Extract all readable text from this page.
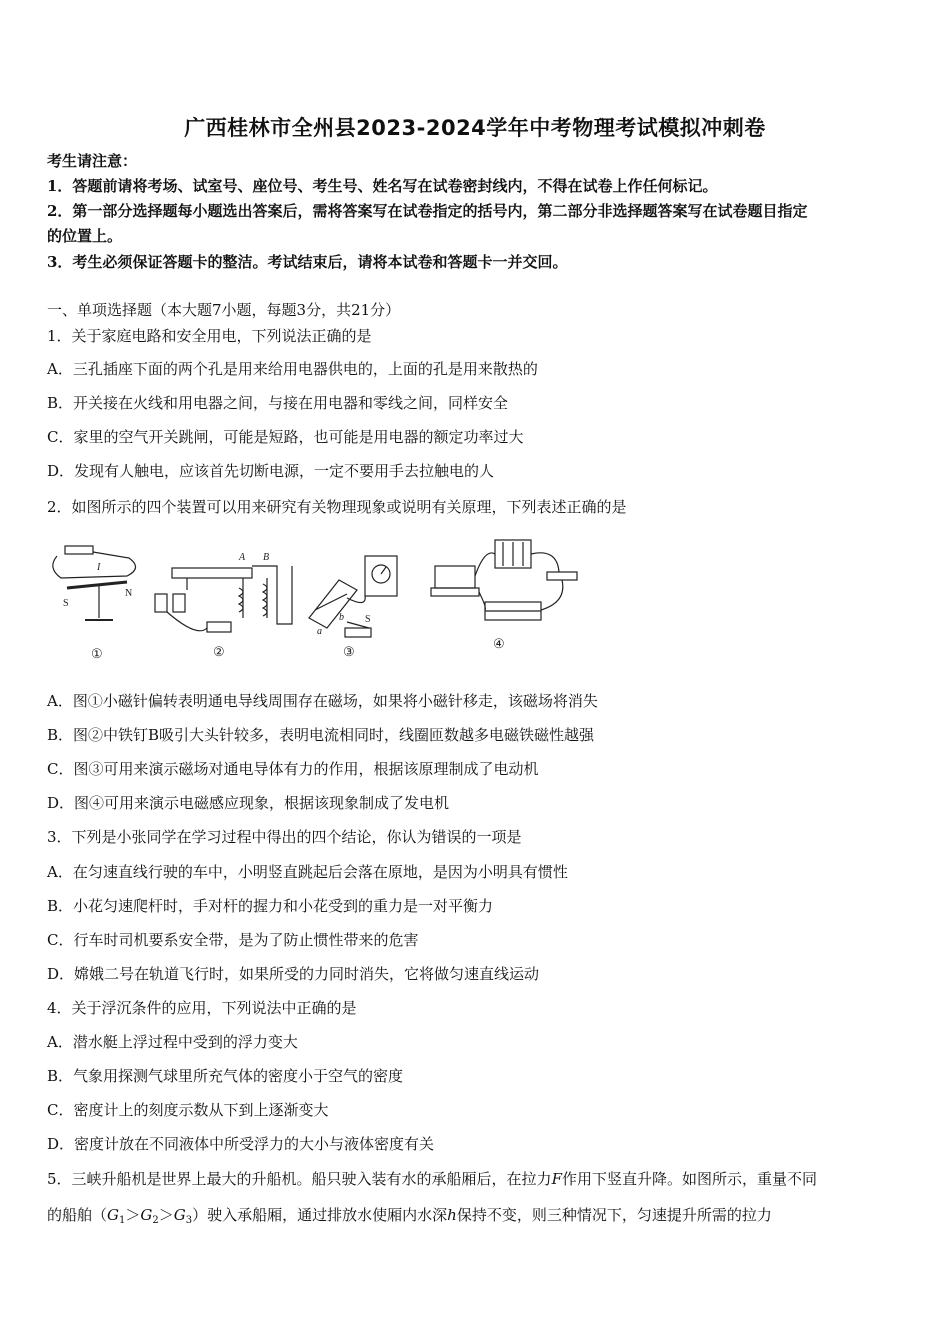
广西桂林市全州县2023-2024学年中考物理考试模拟冲刺卷
考生请注意：
1．答题前请将考场、试室号、座位号、考生号、姓名写在试卷密封线内，不得在试卷上作任何标记。
2．第一部分选择题每小题选出答案后，需将答案写在试卷指定的括号内，第二部分非选择题答案写在试卷题目指定
的位置上。
3．考生必须保证答题卡的整洁。考试结束后，请将本试卷和答题卡一并交回。
一、单项选择题（本大题7小题，每题3分，共21分）
1．关于家庭电路和安全用电，下列说法正确的是
A．三孔插座下面的两个孔是用来给用电器供电的，上面的孔是用来散热的
B．开关接在火线和用电器之间，与接在用电器和零线之间，同样安全
C．家里的空气开关跳闸，可能是短路，也可能是用电器的额定功率过大
D．发现有人触电，应该首先切断电源，一定不要用手去拉触电的人
2．如图所示的四个装置可以用来研究有关物理现象或说明有关原理，下列表述正确的是
S
N
I
①
A B
②
S
a
b
③
④
A．图①小磁针偏转表明通电导线周围存在磁场，如果将小磁针移走，该磁场将消失
B．图②中铁钉B吸引大头针较多，表明电流相同时，线圈匝数越多电磁铁磁性越强
C．图③可用来演示磁场对通电导体有力的作用，根据该原理制成了电动机
D．图④可用来演示电磁感应现象，根据该现象制成了发电机
3．下列是小张同学在学习过程中得出的四个结论，你认为错误的一项是
A．在匀速直线行驶的车中，小明竖直跳起后会落在原地，是因为小明具有惯性
B．小花匀速爬杆时，手对杆的握力和小花受到的重力是一对平衡力
C．行车时司机要系安全带，是为了防止惯性带来的危害
D．嫦娥二号在轨道飞行时，如果所受的力同时消失，它将做匀速直线运动
4．关于浮沉条件的应用，下列说法中正确的是
A．潜水艇上浮过程中受到的浮力变大
B．气象用探测气球里所充气体的密度小于空气的密度
C．密度计上的刻度示数从下到上逐渐变大
D．密度计放在不同液体中所受浮力的大小与液体密度有关
5．三峡升船机是世界上最大的升船机。船只驶入装有水的承船厢后，在拉力F作用下竖直升降。如图所示，重量不同
的船舶$(G_1>G_2>G_3)$驶入承船厢，通过排放水使厢内水深h保持不变，则三种情况下，匀速提升所需的拉力
